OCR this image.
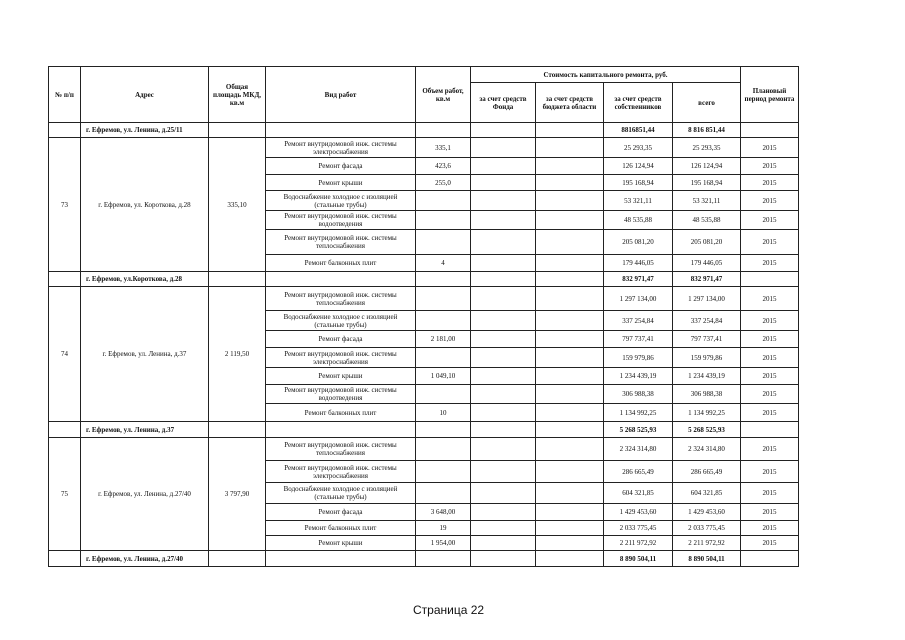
№ п/п	Адрес	Общая площадь МКД, кв.м	Вид работ	Объем работ, кв.м	Стоимость капитального ремонта, руб.				Плановый период ремонта
					за счет средств Фонда	за счет средств бюджета области	за счет средств собственников	всего	
	г. Ефремов, ул. Ленина, д.25/11						8816851,44	8 816 851,44	
73	г. Ефремов, ул. Короткова, д.28	335,10	Ремонт внутридомовой инж. системы электроснабжения	335,1			25 293,35	25 293,35	2015
			Ремонт фасада	423,6			126 124,94	126 124,94	2015
			Ремонт крыши	255,0			195 168,94	195 168,94	2015
			Водоснабжение холодное с изоляцией (стальные трубы)				53 321,11	53 321,11	2015
			Ремонт внутридомовой инж. системы водоотведения				48 535,88	48 535,88	2015
			Ремонт внутридомовой инж. системы теплоснабжения				205 081,20	205 081,20	2015
			Ремонт балконных плит	4			179 446,05	179 446,05	2015
	г. Ефремов, ул.Короткова, д.28						832 971,47	832 971,47	
74	г. Ефремов, ул. Ленина, д.37	2 119,50	Ремонт внутридомовой инж. системы теплоснабжения				1 297 134,00	1 297 134,00	2015
			Водоснабжение холодное с изоляцией (стальные трубы)				337 254,84	337 254,84	2015
			Ремонт фасада	2 181,00			797 737,41	797 737,41	2015
			Ремонт внутридомовой инж. системы электроснабжения				159 979,86	159 979,86	2015
			Ремонт крыши	1 049,10			1 234 439,19	1 234 439,19	2015
			Ремонт внутридомовой инж. системы водоотведения				306 988,38	306 988,38	2015
			Ремонт балконных плит	10			1 134 992,25	1 134 992,25	2015
	г. Ефремов, ул. Ленина, д.37						5 268 525,93	5 268 525,93	
75	г. Ефремов, ул. Ленина, д.27/40	3 797,90	Ремонт внутридомовой инж. системы теплоснабжения				2 324 314,80	2 324 314,80	2015
			Ремонт внутридомовой инж. системы электроснабжения				286 665,49	286 665,49	2015
			Водоснабжение холодное с изоляцией (стальные трубы)				604 321,85	604 321,85	2015
			Ремонт фасада	3 648,00			1 429 453,60	1 429 453,60	2015
			Ремонт балконных плит	19			2 033 775,45	2 033 775,45	2015
			Ремонт крыши	1 954,00			2 211 972,92	2 211 972,92	2015
	г. Ефремов, ул. Ленина, д.27/40						8 890 504,11	8 890 504,11	
Страница 22
